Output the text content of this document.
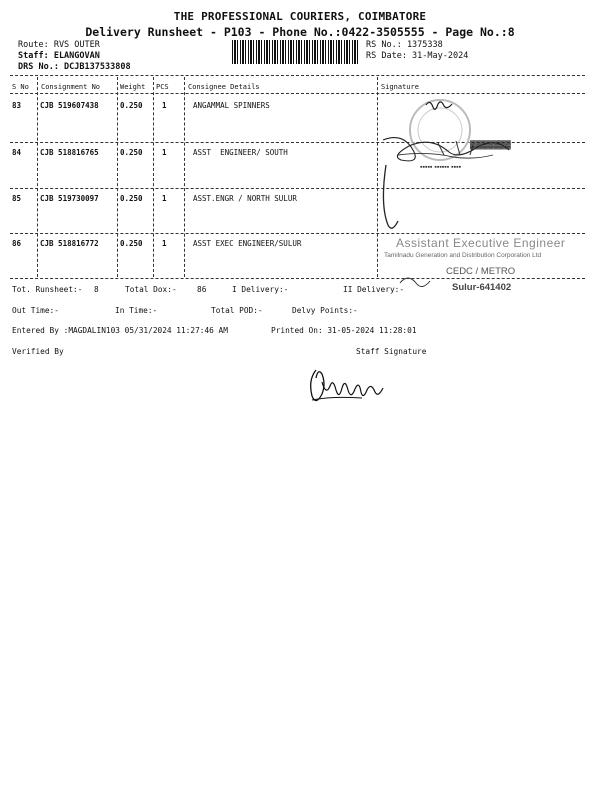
THE PROFESSIONAL COURIERS, COIMBATORE
Delivery Runsheet - P103 - Phone No.:0422-3505555 - Page No.:8
Route: RVS OUTER
Staff: ELANGOVAN
DRS No.: DCJB137533808
RS No.: 1375338
RS Date: 31-May-2024
S No Consignment No	Weight PCS	Consignee Details	Signature
83	CJB 519607438	0.250	1	ANGAMMAL SPINNERS
84	CJB 518816765	0.250	1	ASST  ENGINEER/ SOUTH
85	CJB 519730097	0.250	1	ASST.ENGR / NORTH SULUR
86	CJB 518816772	0.250	1	ASST EXEC ENGINEER/SULUR
▓▓▓▓▓▓▓
▪▪▪▪▪ ▪▪▪▪▪▪ ▪▪▪▪
Assistant Executive Engineer
Tamilnadu Generation and Distribution Corporation Ltd
CEDC / METRO
Sulur-641402
Tot. Runsheet:- 8	Total Dox:-	86	I Delivery:-	II Delivery:-
Out Time:-	In Time:-	Total POD:-	Delvy Points:-
Entered By :MAGDALIN103 05/31/2024 11:27:46 AM	Printed On: 31-05-2024 11:28:01
Verified By	Staff Signature
